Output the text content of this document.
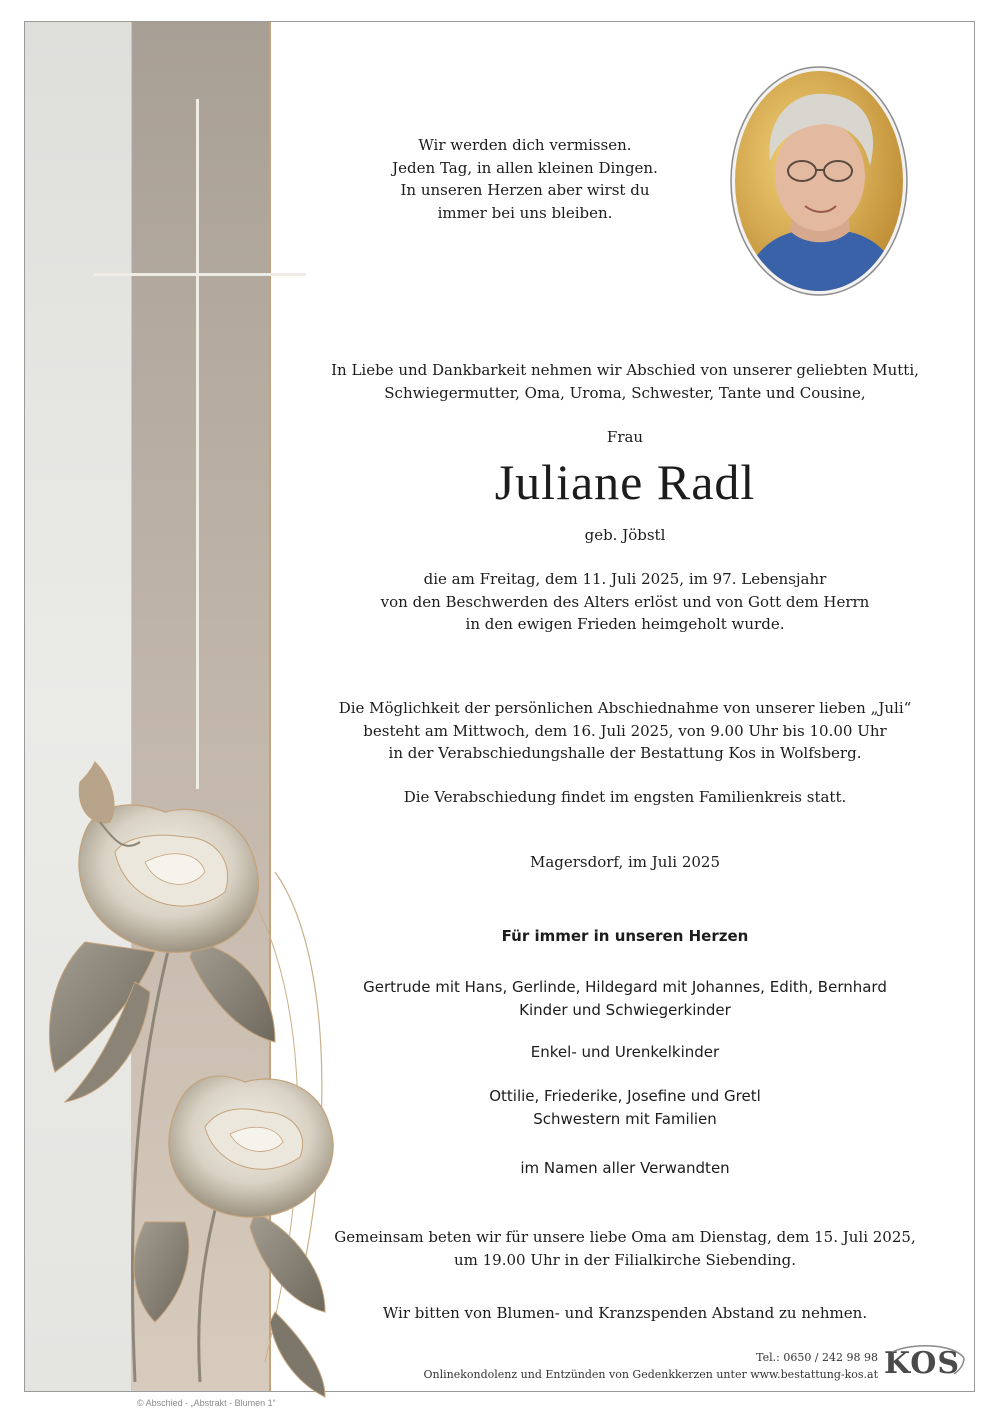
© Abschied - „Abstrakt - Blumen 1“

Wir werden dich vermissen.

Jeden Tag, in allen kleinen Dingen.

In unseren Herzen aber wirst du

immer bei uns bleiben.

In Liebe und Dankbarkeit nehmen wir Abschied von unserer geliebten Mutti,

Schwiegermutter, Oma, Uroma, Schwester, Tante und Cousine,

Frau
Juliane Radl
geb. Jöbstl

die am Freitag, dem 11. Juli 2025, im 97. Lebensjahr

von den Beschwerden des Alters erlöst und von Gott dem Herrn

in den ewigen Frieden heimgeholt wurde.

Die Möglichkeit der persönlichen Abschiednahme von unserer lieben „Juli“

besteht am Mittwoch, dem 16. Juli 2025, von 9.00 Uhr bis 10.00 Uhr

in der Verabschiedungshalle der Bestattung Kos in Wolfsberg.

Die Verabschiedung findet im engsten Familienkreis statt.
Magersdorf, im Juli 2025
Für immer in unseren Herzen

Gertrude mit Hans, Gerlinde, Hildegard mit Johannes, Edith, Bernhard

Kinder und Schwiegerkinder

Enkel- und Urenkelkinder

Ottilie, Friederike, Josefine und Gretl

Schwestern mit Familien

im Namen aller Verwandten

Gemeinsam beten wir für unsere liebe Oma am Dienstag, dem 15. Juli 2025,

um 19.00 Uhr in der Filialkirche Siebending.

Wir bitten von Blumen- und Kranzspenden Abstand zu nehmen.
Tel.: 0650 / 242 98 98
Onlinekondolenz und Entzünden von Gedenkkerzen unter www.bestattung-kos.at KOS
